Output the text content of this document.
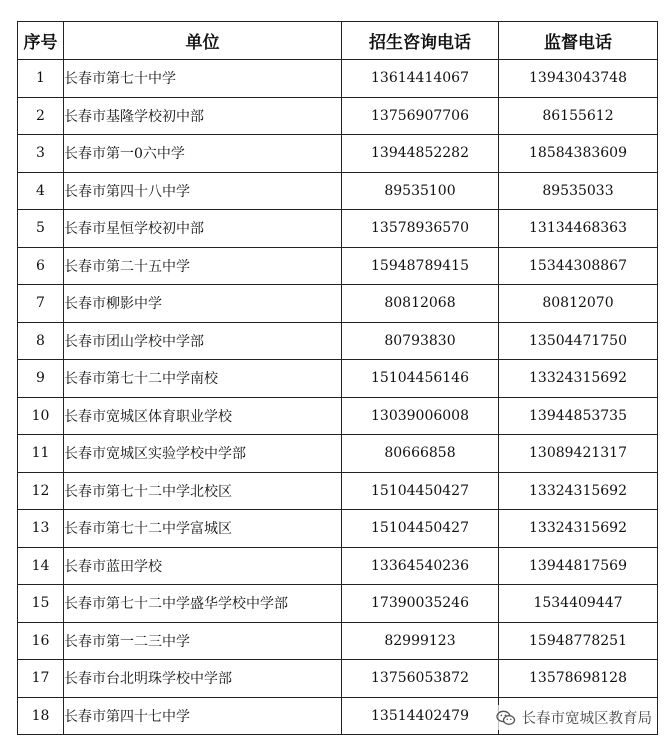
序号	单位	招生咨询电话	监督电话
1	长春市第七十中学	13614414067	13943043748
2	长春市基隆学校初中部	13756907706	86155612
3	长春市第一0六中学	13944852282	18584383609
4	长春市第四十八中学	89535100	89535033
5	长春市星恒学校初中部	13578936570	13134468363
6	长春市第二十五中学	15948789415	15344308867
7	长春市柳影中学	80812068	80812070
8	长春市团山学校中学部	80793830	13504471750
9	长春市第七十二中学南校	15104456146	13324315692
10	长春市宽城区体育职业学校	13039006008	13944853735
11	长春市宽城区实验学校中学部	80666858	13089421317
12	长春市第七十二中学北校区	15104450427	13324315692
13	长春市第七十二中学富城区	15104450427	13324315692
14	长春市蓝田学校	13364540236	13944817569
15	长春市第七十二中学盛华学校中学部	17390035246	1534409447
16	长春市第一二三中学	82999123	15948778251
17	长春市台北明珠学校中学部	13756053872	13578698128
18	长春市第四十七中学	13514402479		长春市宽城区教育局
